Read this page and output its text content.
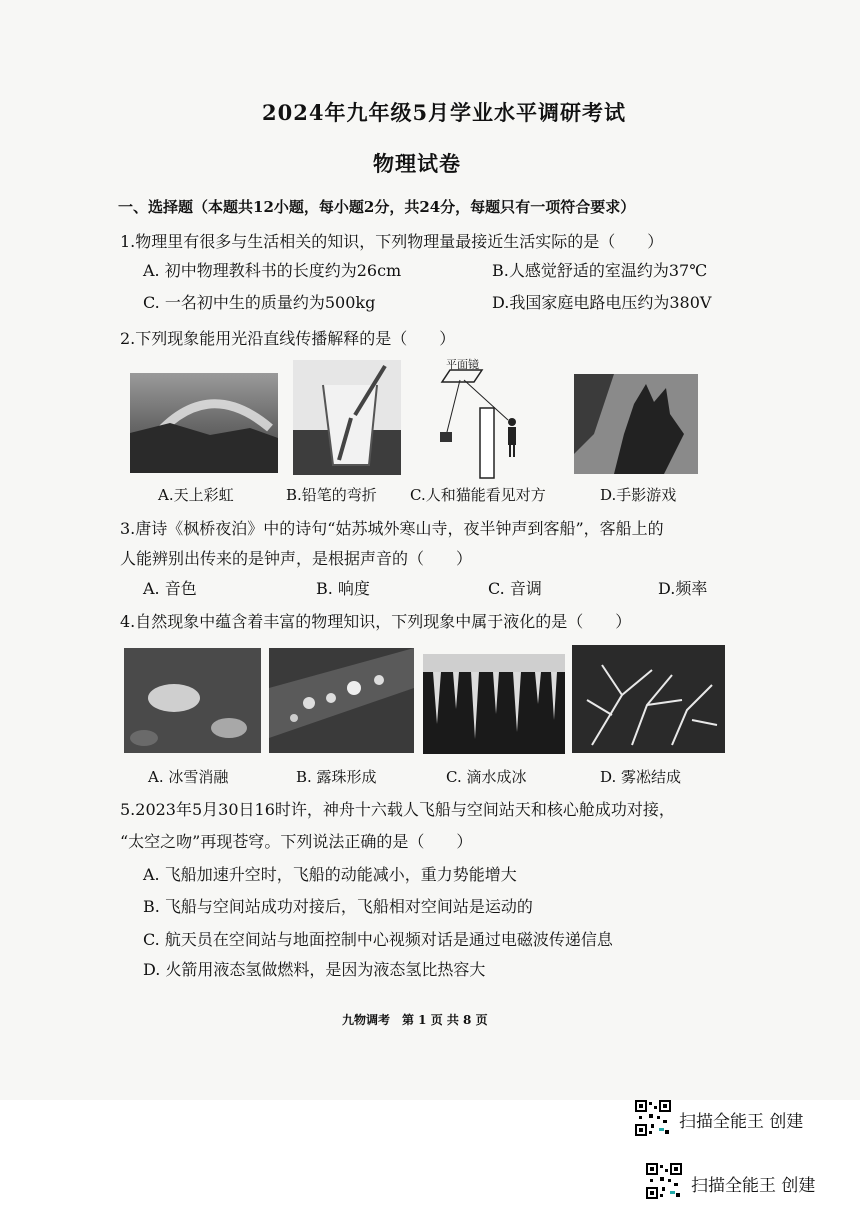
2024年九年级5月学业水平调研考试
物理试卷
一、选择题（本题共12小题，每小题2分，共24分，每题只有一项符合要求）
1.物理里有很多与生活相关的知识，下列物理量最接近生活实际的是（　　）
A. 初中物理教科书的长度约为26cm	B.人感觉舒适的室温约为37℃
C. 一名初中生的质量约为500kg	D.我国家庭电路电压约为380V
2.下列现象能用光沿直线传播解释的是（　　）
平面镜
A.天上彩虹	B.铅笔的弯折 C.人和猫能看见对方	D.手影游戏
3.唐诗《枫桥夜泊》中的诗句“姑苏城外寒山寺，夜半钟声到客船”，客船上的
人能辨别出传来的是钟声，是根据声音的（　　）
A. 音色	B. 响度	C. 音调	D.频率
4.自然现象中蕴含着丰富的物理知识，下列现象中属于液化的是（　　）
A. 冰雪消融	B. 露珠形成	C. 滴水成冰	D. 雾凇结成
5.2023年5月30日16时许，神舟十六载人飞船与空间站天和核心舱成功对接，
“太空之吻”再现苍穹。下列说法正确的是（　　）
A. 飞船加速升空时，飞船的动能减小，重力势能增大
B. 飞船与空间站成功对接后，飞船相对空间站是运动的
C. 航天员在空间站与地面控制中心视频对话是通过电磁波传递信息
D. 火箭用液态氢做燃料，是因为液态氢比热容大
九物调考　第 1 页 共 8 页
扫描全能王 创建
扫描全能王 创建
